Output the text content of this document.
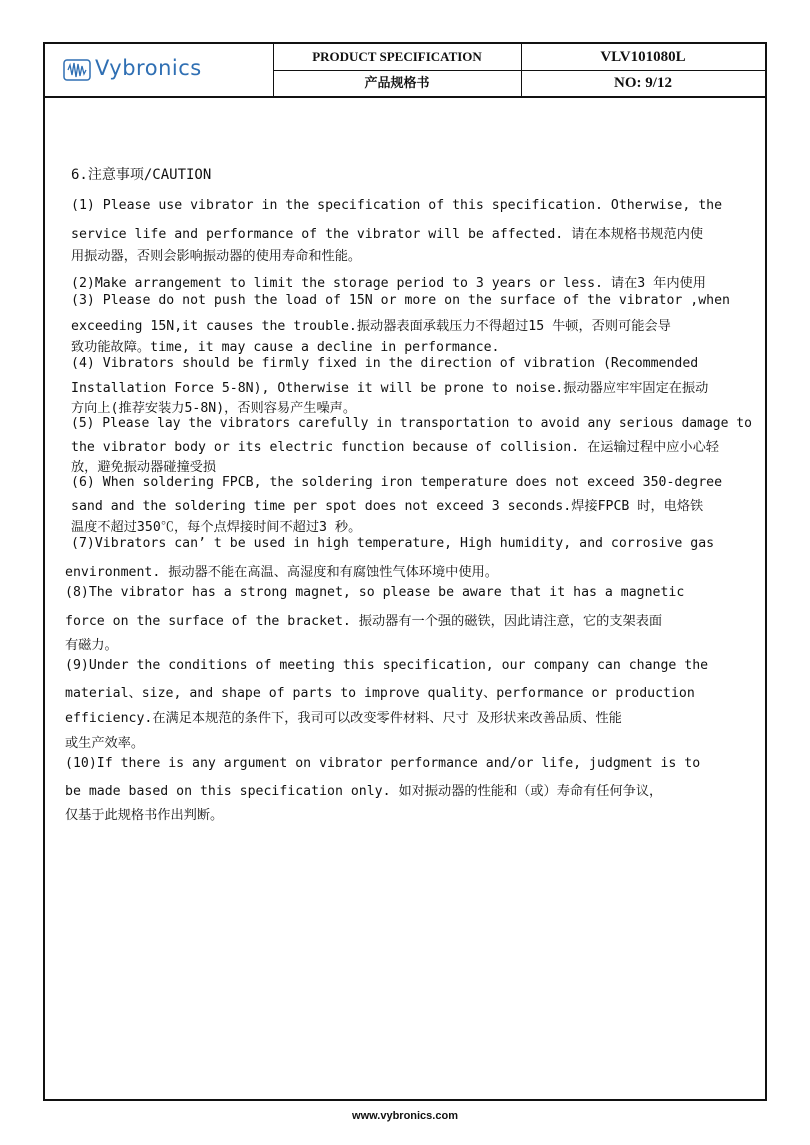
Vybronics	PRODUCT SPECIFICATION
产品规格书
VLV101080L
NO: 9/12
6.注意事项/CAUTION
(1) Please use vibrator in the specification of this specification. Otherwise, the
service life and performance of the vibrator will be affected. 请在本规格书规范内使
用振动器，否则会影响振动器的使用寿命和性能。
(2)Make arrangement to limit the storage period to 3 years or less. 请在3 年内使用
(3) Please do not push the load of 15N or more on the surface of the vibrator ,when
exceeding 15N,it causes the trouble.振动器表面承载压力不得超过15 牛顿，否则可能会导
致功能故障。time, it may cause a decline in performance.
(4) Vibrators should be firmly fixed in the direction of vibration (Recommended
Installation Force 5-8N), Otherwise it will be prone to noise.振动器应牢牢固定在振动
方向上(推荐安装力5-8N)，否则容易产生噪声。
(5) Please lay the vibrators carefully in transportation to avoid any serious damage to
the vibrator body or its electric function because of collision. 在运输过程中应小心轻
放，避免振动器碰撞受损
(6) When soldering FPCB, the soldering iron temperature does not exceed 350-degree
sand and the soldering time per spot does not exceed 3 seconds.焊接FPCB 时，电烙铁
温度不超过350℃，每个点焊接时间不超过3 秒。
(7)Vibrators can’ t be used in high temperature, High humidity, and corrosive gas
environment. 振动器不能在高温、高湿度和有腐蚀性气体环境中使用。
(8)The vibrator has a strong magnet, so please be aware that it has a magnetic
force on the surface of the bracket. 振动器有一个强的磁铁，因此请注意，它的支架表面
有磁力。
(9)Under the conditions of meeting this specification, our company can change the
material、size, and shape of parts to improve quality、performance or production
efficiency.在满足本规范的条件下，我司可以改变零件材料、尺寸 及形状来改善品质、性能
或生产效率。
(10)If there is any argument on vibrator performance and/or life, judgment is to
be made based on this specification only. 如对振动器的性能和（或）寿命有任何争议，
仅基于此规格书作出判断。
www.vybronics.com
